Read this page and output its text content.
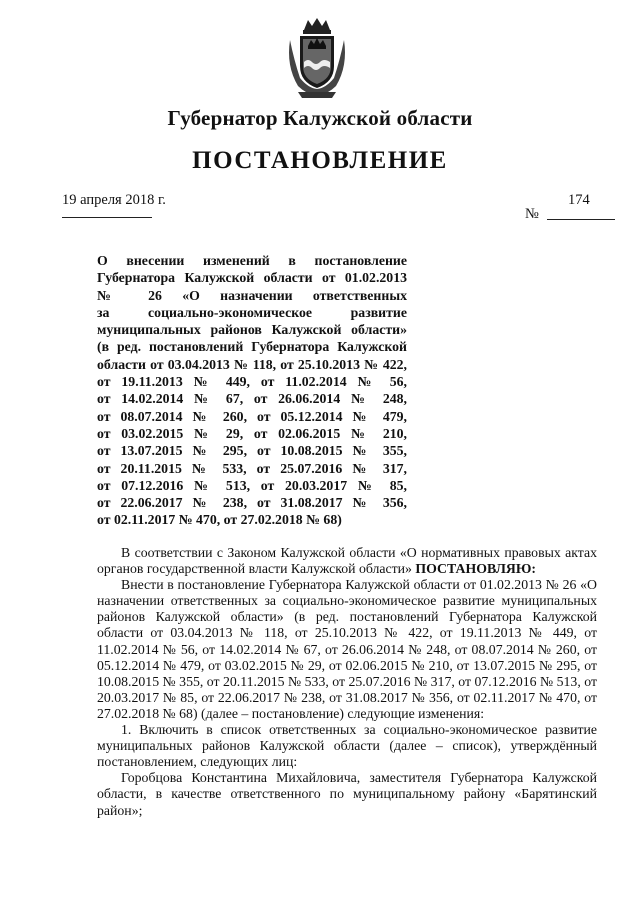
Губернатор Калужской области
ПОСТАНОВЛЕНИЕ
19 апреля 2018 г.	174
№
О внесении изменений в постановление
Губернатора Калужской области от 01.02.2013
№ 26 «О назначении ответственных
за социально-экономическое развитие
муниципальных районов Калужской области»
(в ред. постановлений Губернатора Калужской
области от 03.04.2013 № 118, от 25.10.2013 № 422,
от 19.11.2013 № 449, от 11.02.2014 № 56,
от 14.02.2014 № 67, от 26.06.2014 № 248,
от 08.07.2014 № 260, от 05.12.2014 № 479,
от 03.02.2015 № 29, от 02.06.2015 № 210,
от 13.07.2015 № 295, от 10.08.2015 № 355,
от 20.11.2015 № 533, от 25.07.2016 № 317,
от 07.12.2016 № 513, от 20.03.2017 № 85,
от 22.06.2017 № 238, от 31.08.2017 № 356,
от 02.11.2017 № 470, от 27.02.2018 № 68)

В соответствии с Законом Калужской области «О нормативных правовых актах органов государственной власти Калужской области» ПОСТАНОВЛЯЮ:

Внести в постановление Губернатора Калужской области от 01.02.2013 № 26 «О назначении ответственных за социально-экономическое развитие муниципальных районов Калужской области» (в ред. постановлений Губернатора Калужской области от 03.04.2013 № 118, от 25.10.2013 № 422, от 19.11.2013 № 449, от 11.02.2014 № 56, от 14.02.2014 № 67, от 26.06.2014 № 248, от 08.07.2014 № 260, от 05.12.2014 № 479, от 03.02.2015 № 29, от 02.06.2015 № 210, от 13.07.2015 № 295, от 10.08.2015 № 355, от 20.11.2015 № 533, от 25.07.2016 № 317, от 07.12.2016 № 513, от 20.03.2017 № 85, от 22.06.2017 № 238, от 31.08.2017 № 356, от 02.11.2017 № 470, от 27.02.2018 № 68) (далее – постановление) следующие изменения:

1. Включить в список ответственных за социально-экономическое развитие муниципальных районов Калужской области (далее – список), утверждённый постановлением, следующих лиц:

Горобцова Константина Михайловича, заместителя Губернатора Калужской области, в качестве ответственного по муниципальному району «Барятинский район»;
